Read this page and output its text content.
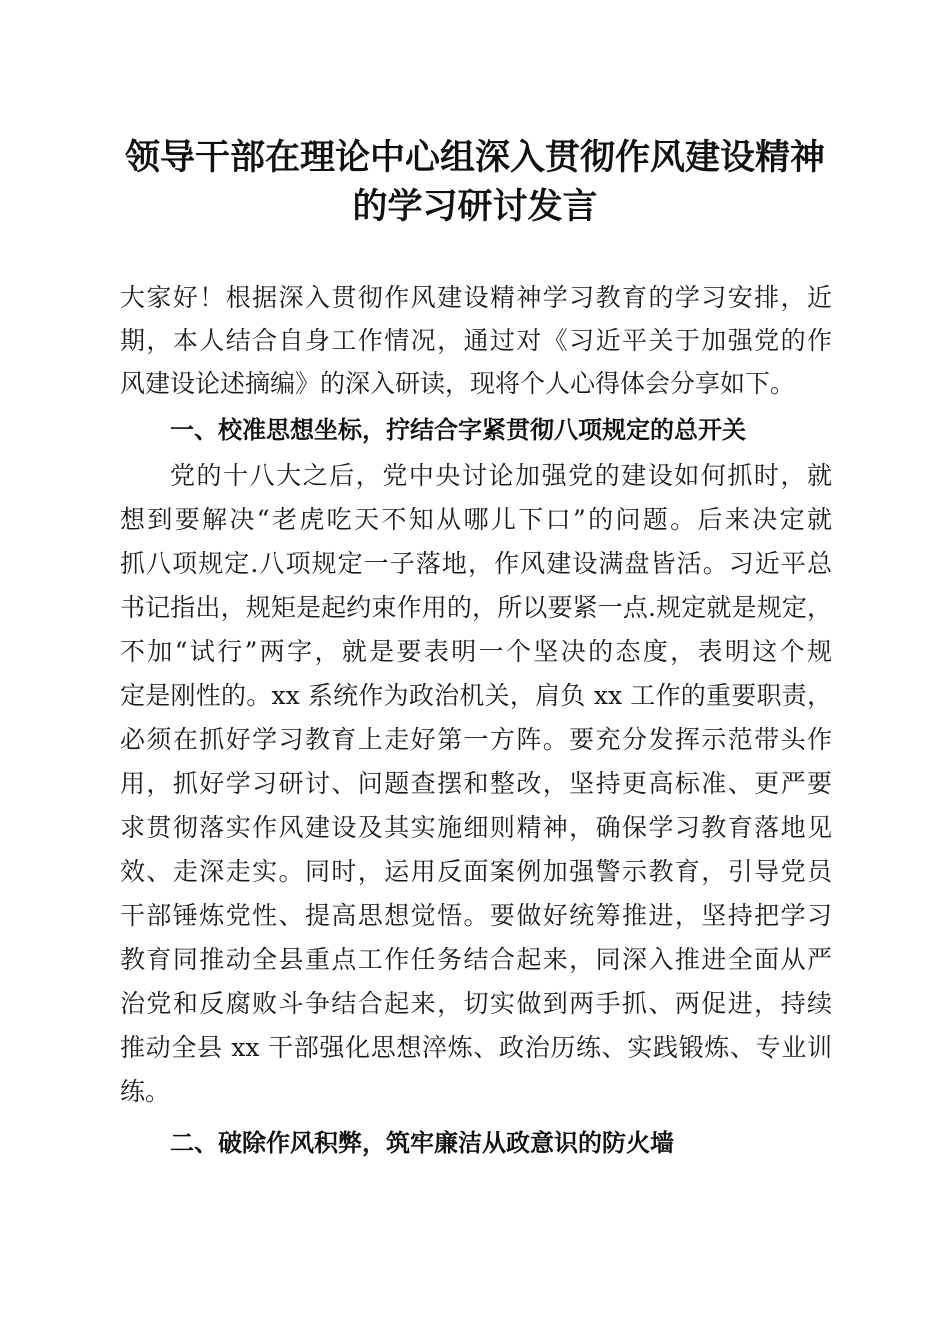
领导干部在理论中心组深入贯彻作风建设精神
的学习研讨发言
大家好！根据深入贯彻作风建设精神学习教育的学习安排，近
期，本人结合自身工作情况，通过对《习近平关于加强党的作
风建设论述摘编》的深入研读，现将个人心得体会分享如下。
一、校准思想坐标，拧结合字紧贯彻八项规定的总开关
党的十八大之后，党中央讨论加强党的建设如何抓时，就
想到要解决“老虎吃天不知从哪儿下口”的问题。后来决定就
抓八项规定.八项规定一子落地，作风建设满盘皆活。习近平总
书记指出，规矩是起约束作用的，所以要紧一点.规定就是规定，
不加“试行”两字，就是要表明一个坚决的态度，表明这个规
定是刚性的。xx 系统作为政治机关，肩负 xx 工作的重要职责，
必须在抓好学习教育上走好第一方阵。要充分发挥示范带头作
用，抓好学习研讨、问题查摆和整改，坚持更高标准、更严要
求贯彻落实作风建设及其实施细则精神，确保学习教育落地见
效、走深走实。同时，运用反面案例加强警示教育，引导党员
干部锤炼党性、提高思想觉悟。要做好统筹推进，坚持把学习
教育同推动全县重点工作任务结合起来，同深入推进全面从严
治党和反腐败斗争结合起来，切实做到两手抓、两促进，持续
推动全县 xx 干部强化思想淬炼、政治历练、实践锻炼、专业训
练。
二、破除作风积弊，筑牢廉洁从政意识的防火墙
